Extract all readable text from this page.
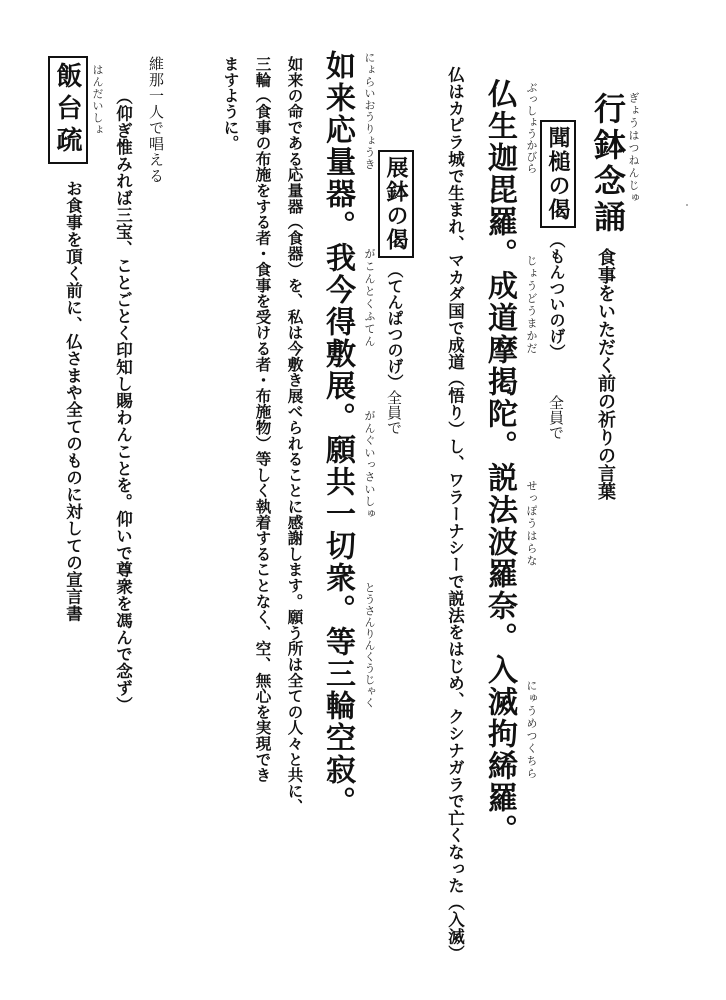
ぎょうはつねんじゅ
行鉢念誦
食事をいただく前の祈りの言葉
聞槌の偈
（もんついのげ）
全員で
ぶっしょうかびら
じょうどうまかだ
せっぽうはらな
にゅうめつくちら
仏生迦毘羅。成道摩掲陀。説法波羅奈。入滅拘絺羅。
仏はカピラ城で生まれ、マカダ国で成道（悟り）し、ワラーナシーで説法をはじめ、クシナガラで亡くなった（入滅）
展鉢の偈
（てんぱつのげ）
全員で
にょらいおうりょうき
がこんとくふてん
がんぐいっさいしゅ
とうさんりんくうじゃく
如来応量器。我今得敷展。願共一切衆。等三輪空寂。
如来の命である応量器（食器）を、私は今敷き展べられることに感謝します。願う所は全ての人々と共に、
三輪（食事の布施をする者・食事を受ける者・布施物）等しく執着することなく、空、無心を実現でき
ますように。
維那一人で唱える
はんだいしょ
飯台疏 （仰ぎ惟みれば三宝、ことごとく印知し賜わんことを。仰いで尊衆を馮んで念ず）
お食事を頂く前に、仏さまや全てのものに対しての宣言書
